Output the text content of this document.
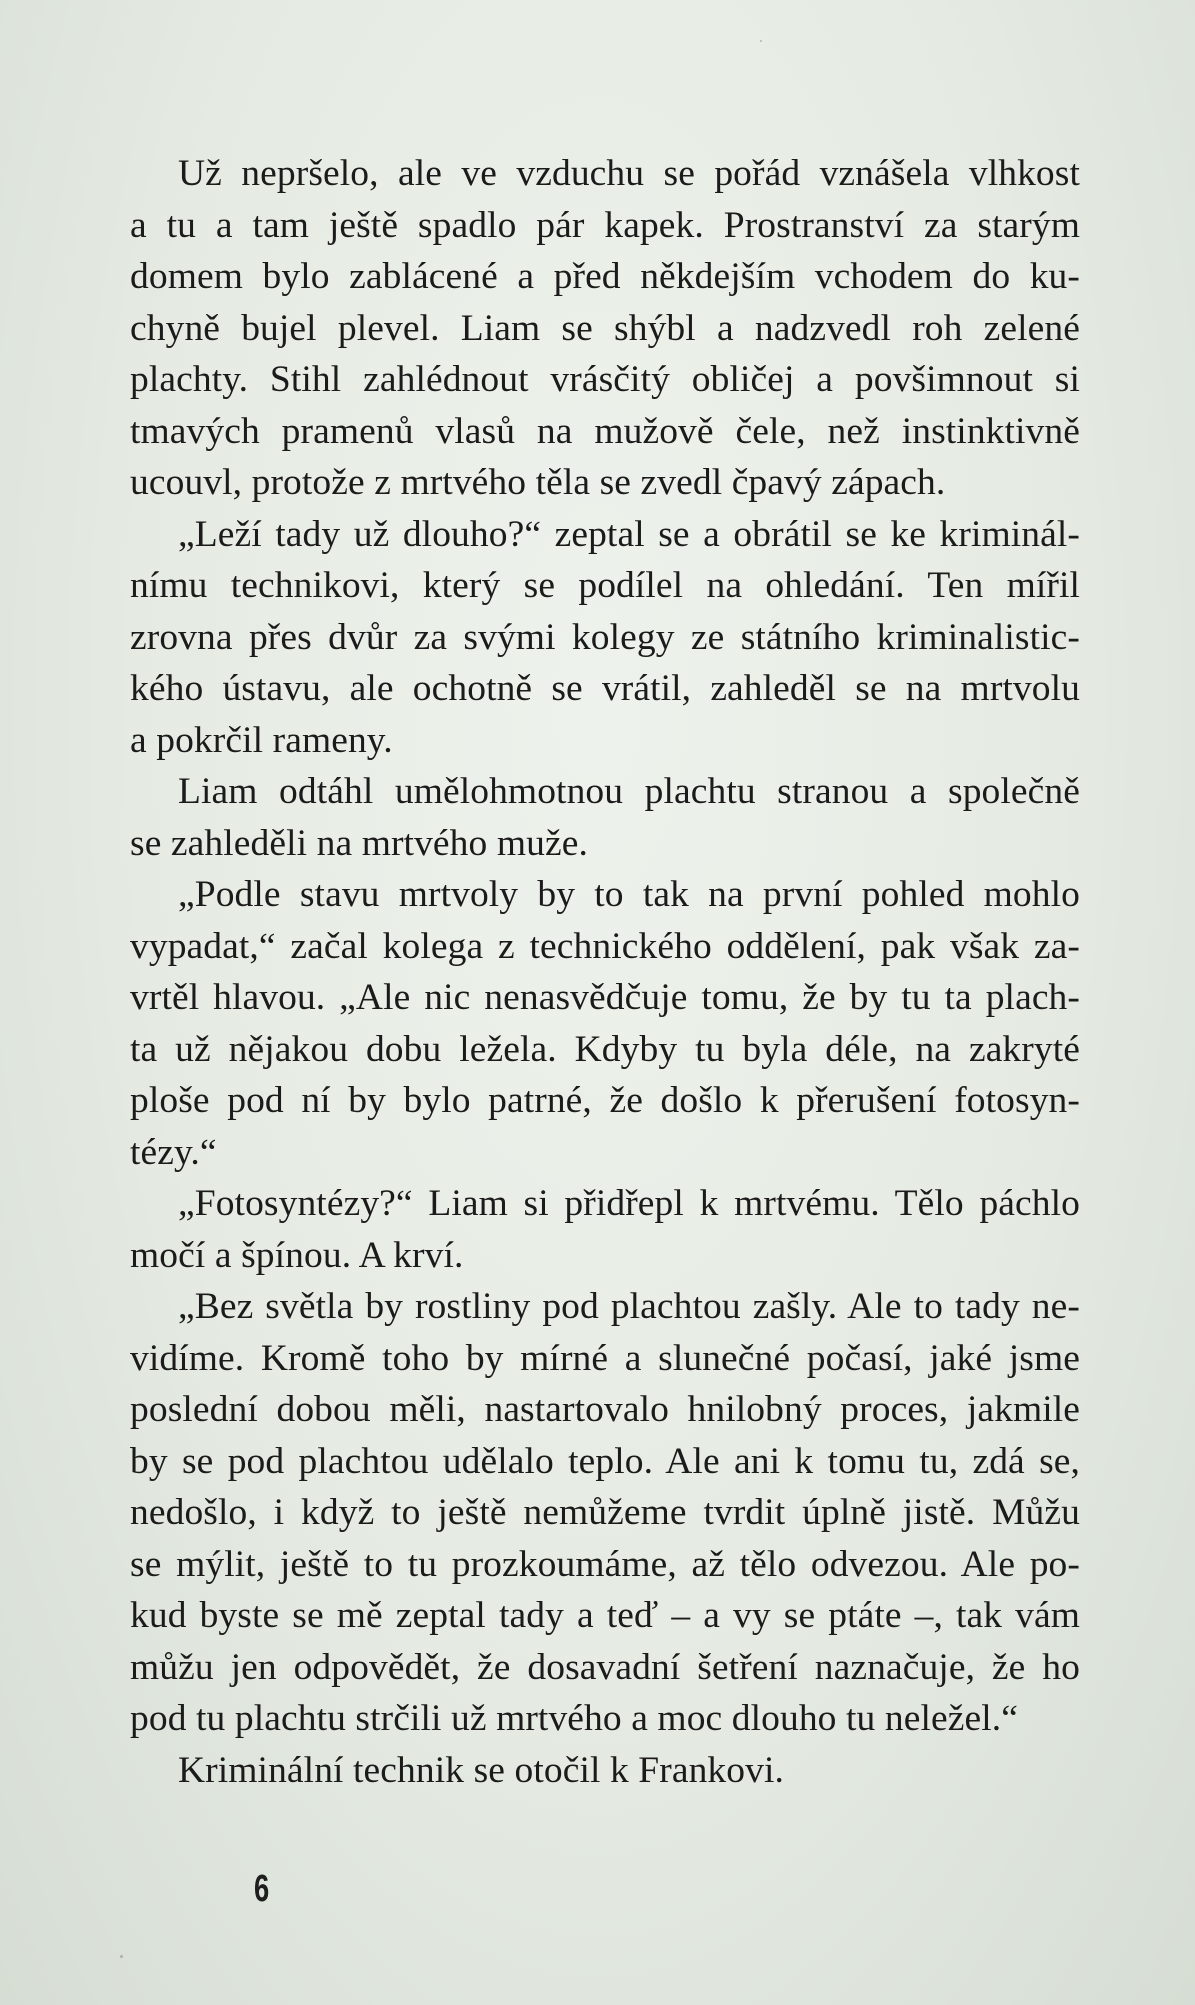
Už nepršelo, ale ve vzduchu se pořád vznášela vlhkost
a tu a tam ještě spadlo pár kapek. Prostranství za starým
domem bylo zablácené a před někdejším vchodem do ku-
chyně bujel plevel. Liam se shýbl a nadzvedl roh zelené
plachty. Stihl zahlédnout vrásčitý obličej a povšimnout si
tmavých pramenů vlasů na mužově čele, než instinktivně
ucouvl, protože z mrtvého těla se zvedl čpavý zápach.
„Leží tady už dlouho?“ zeptal se a obrátil se ke kriminál-
nímu technikovi, který se podílel na ohledání. Ten mířil
zrovna přes dvůr za svými kolegy ze státního kriminalistic-
kého ústavu, ale ochotně se vrátil, zahleděl se na mrtvolu
a pokrčil rameny.
Liam odtáhl umělohmotnou plachtu stranou a společně
se zahleděli na mrtvého muže.
„Podle stavu mrtvoly by to tak na první pohled mohlo
vypadat,“ začal kolega z technického oddělení, pak však za-
vrtěl hlavou. „Ale nic nenasvědčuje tomu, že by tu ta plach-
ta už nějakou dobu ležela. Kdyby tu byla déle, na zakryté
ploše pod ní by bylo patrné, že došlo k přerušení fotosyn-
tézy.“
„Fotosyntézy?“ Liam si přidřepl k mrtvému. Tělo páchlo
močí a špínou. A krví.
„Bez světla by rostliny pod plachtou zašly. Ale to tady ne-
vidíme. Kromě toho by mírné a slunečné počasí, jaké jsme
poslední dobou měli, nastartovalo hnilobný proces, jakmile
by se pod plachtou udělalo teplo. Ale ani k tomu tu, zdá se,
nedošlo, i když to ještě nemůžeme tvrdit úplně jistě. Můžu
se mýlit, ještě to tu prozkoumáme, až tělo odvezou. Ale po-
kud byste se mě zeptal tady a teď – a vy se ptáte –, tak vám
můžu jen odpovědět, že dosavadní šetření naznačuje, že ho
pod tu plachtu strčili už mrtvého a moc dlouho tu neležel.“
Kriminální technik se otočil k Frankovi.
6
